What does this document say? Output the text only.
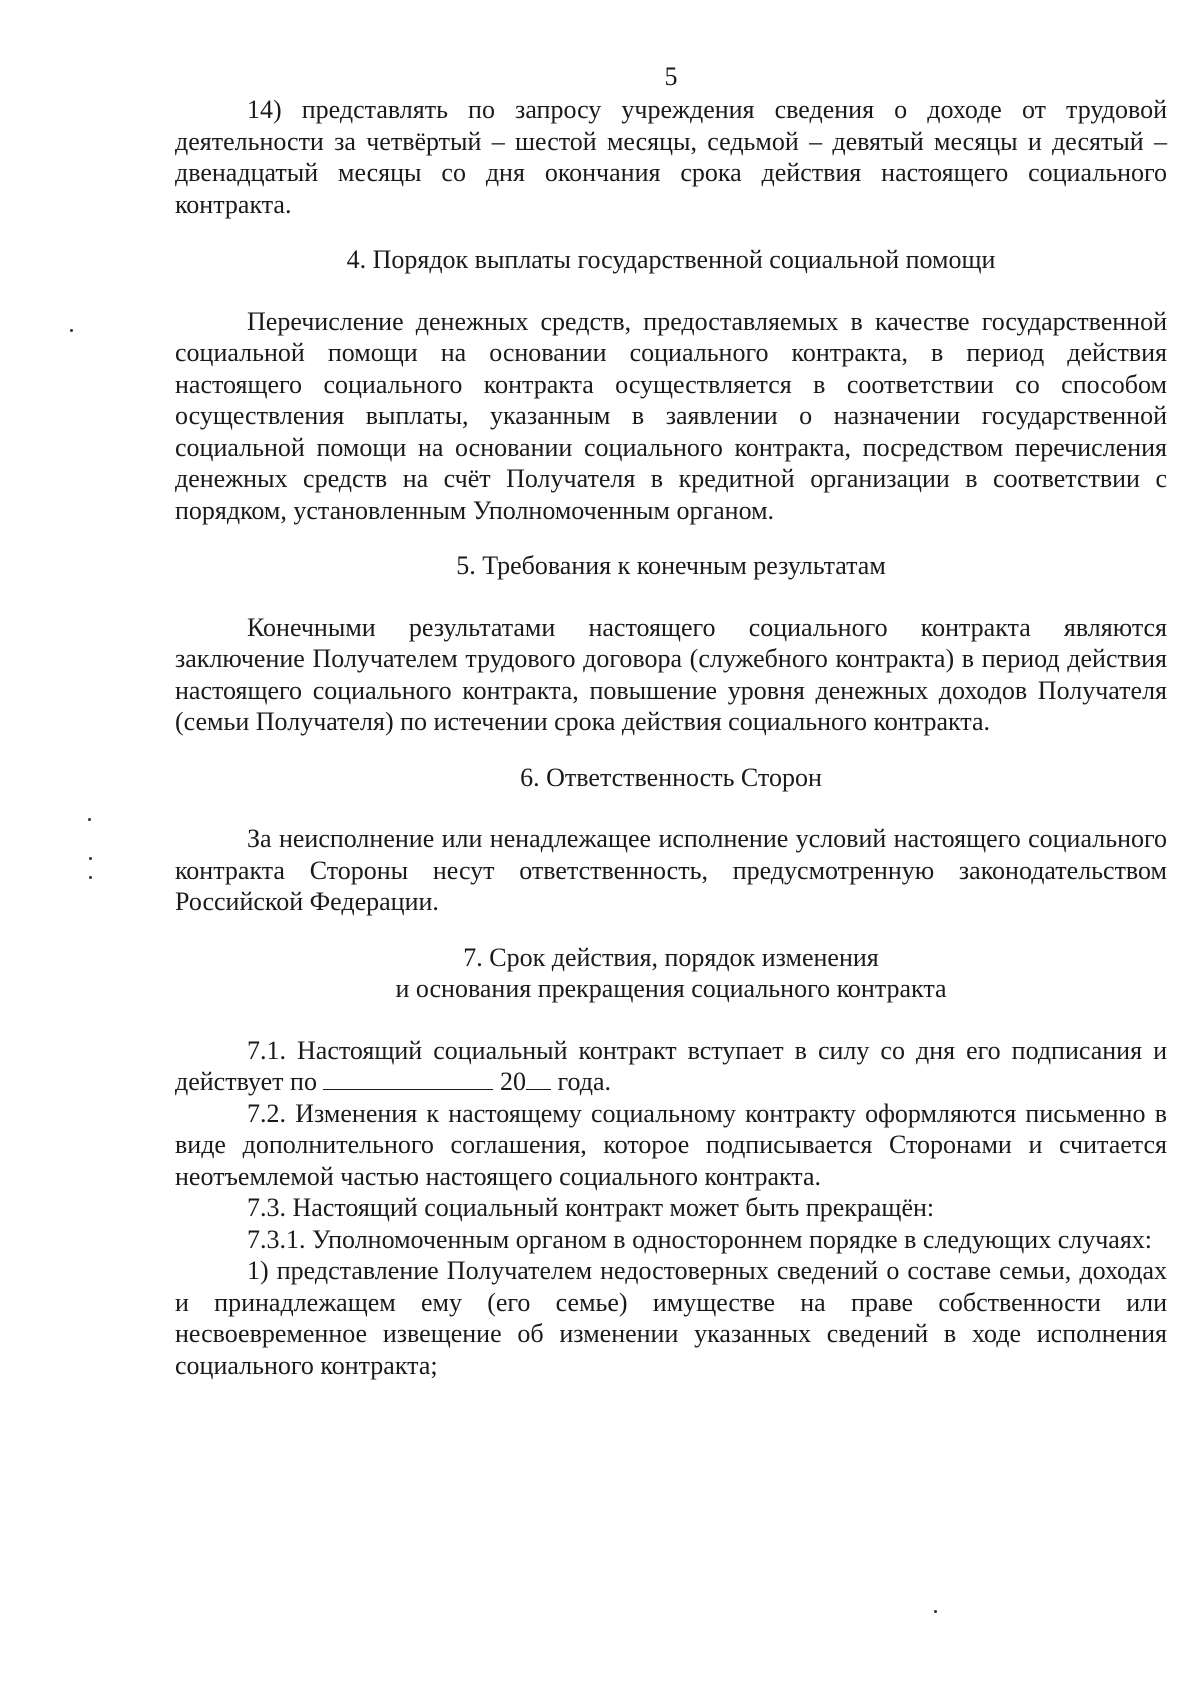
5

14) представлять по запросу учреждения сведения о доходе от трудовой деятельности за четвёртый – шестой месяцы, седьмой – девятый месяцы и десятый – двенадцатый месяцы со дня окончания срока действия настоящего социального контракта.

4. Порядок выплаты государственной социальной помощи

Перечисление денежных средств, предоставляемых в качестве государственной социальной помощи на основании социального контракта, в период действия настоящего социального контракта осуществляется в соответствии со способом осуществления выплаты, указанным в заявлении о назначении государственной социальной помощи на основании социального контракта, посредством перечисления денежных средств на счёт Получателя в кредитной организации в соответствии с порядком, установленным Уполномоченным органом.

5. Требования к конечным результатам

Конечными результатами настоящего социального контракта являются заключение Получателем трудового договора (служебного контракта) в период действия настоящего социального контракта, повышение уровня денежных доходов Получателя (семьи Получателя) по истечении срока действия социального контракта.

6. Ответственность Сторон

За неисполнение или ненадлежащее исполнение условий настоящего социального контракта Стороны несут ответственность, предусмотренную законодательством Российской Федерации.

7. Срок действия, порядок изменения
и основания прекращения социального контракта

7.1. Настоящий социальный контракт вступает в силу со дня его подписания и действует по	20 года.

7.2. Изменения к настоящему социальному контракту оформляются письменно в виде дополнительного соглашения, которое подписывается Сторонами и считается неотъемлемой частью настоящего социального контракта.

7.3. Настоящий социальный контракт может быть прекращён:

7.3.1. Уполномоченным органом в одностороннем порядке в следующих случаях:

1) представление Получателем недостоверных сведений о составе семьи, доходах и принадлежащем ему (его семье) имуществе на праве собственности или несвоевременное извещение об изменении указанных сведений в ходе исполнения социального контракта;
